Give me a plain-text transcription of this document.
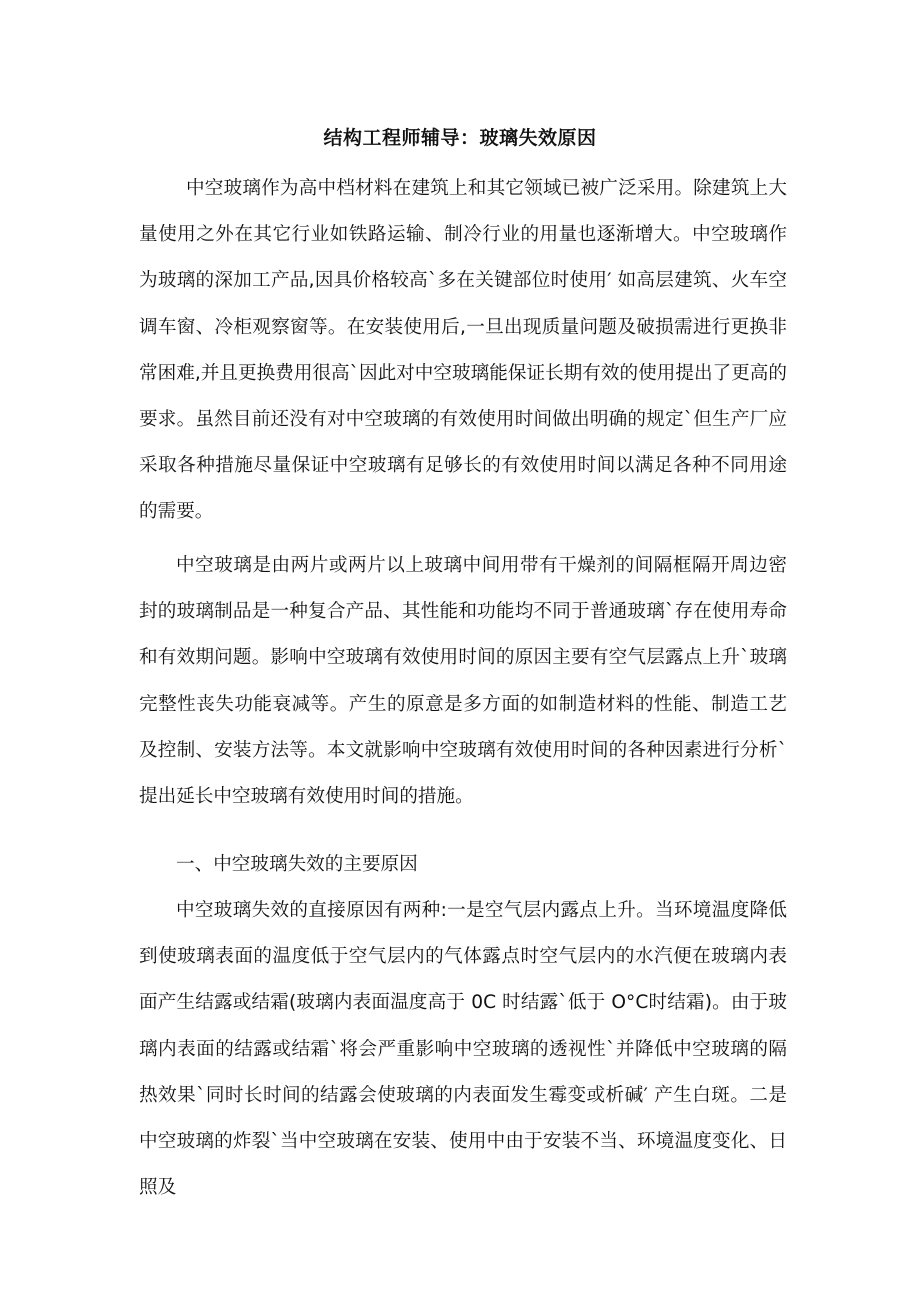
结构工程师辅导：玻璃失效原因

中空玻璃作为高中档材料在建筑上和其它领域已被广泛采用。除建筑上大量使用之外在其它行业如铁路运输、制冷行业的用量也逐渐增大。中空玻璃作为玻璃的深加工产品,因具价格较高`多在关键部位时使用′ 如高层建筑、火车空调车窗、冷柜观察窗等。在安装使用后,一旦出现质量问题及破损需进行更换非常困难,并且更换费用很高`因此对中空玻璃能保证长期有效的使用提出了更高的要求。虽然目前还没有对中空玻璃的有效使用时间做出明确的规定`但生产厂应采取各种措施尽量保证中空玻璃有足够长的有效使用时间以满足各种不同用途的需要。

中空玻璃是由两片或两片以上玻璃中间用带有干燥剂的间隔框隔开周边密封的玻璃制品是一种复合产品、其性能和功能均不同于普通玻璃`存在使用寿命和有效期问题。影响中空玻璃有效使用时间的原因主要有空气层露点上升`玻璃完整性丧失功能衰减等。产生的原意是多方面的如制造材料的性能、制造工艺及控制、安装方法等。本文就影响中空玻璃有效使用时间的各种因素进行分析`提出延长中空玻璃有效使用时间的措施。

一、中空玻璃失效的主要原因

中空玻璃失效的直接原因有两种:一是空气层内露点上升。当环境温度降低到使玻璃表面的温度低于空气层内的气体露点时空气层内的水汽便在玻璃内表面产生结露或结霜(玻璃内表面温度高于 0C 时结露`低于 O°C时结霜)。由于玻璃内表面的结露或结霜`将会严重影响中空玻璃的透视性`并降低中空玻璃的隔热效果`同时长时间的结露会使玻璃的内表面发生霉变或析碱′ 产生白斑。二是中空玻璃的炸裂`当中空玻璃在安装、使用中由于安装不当、环境温度变化、日照及
